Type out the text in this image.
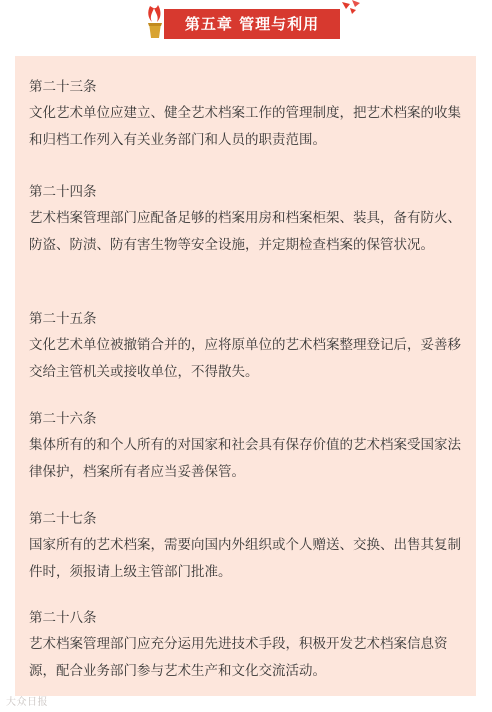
第五章 管理与利用
第二十三条
文化艺术单位应建立、健全艺术档案工作的管理制度，把艺术档案的收集和归档工作列入有关业务部门和人员的职责范围。
第二十四条
艺术档案管理部门应配备足够的档案用房和档案柜架、装具，备有防火、防盗、防渍、防有害生物等安全设施，并定期检查档案的保管状况。
第二十五条
文化艺术单位被撤销合并的，应将原单位的艺术档案整理登记后，妥善移交给主管机关或接收单位，不得散失。
第二十六条
集体所有的和个人所有的对国家和社会具有保存价值的艺术档案受国家法律保护，档案所有者应当妥善保管。
第二十七条
国家所有的艺术档案，需要向国内外组织或个人赠送、交换、出售其复制件时，须报请上级主管部门批准。
第二十八条
艺术档案管理部门应充分运用先进技术手段，积极开发艺术档案信息资源，配合业务部门参与艺术生产和文化交流活动。
大众日报
